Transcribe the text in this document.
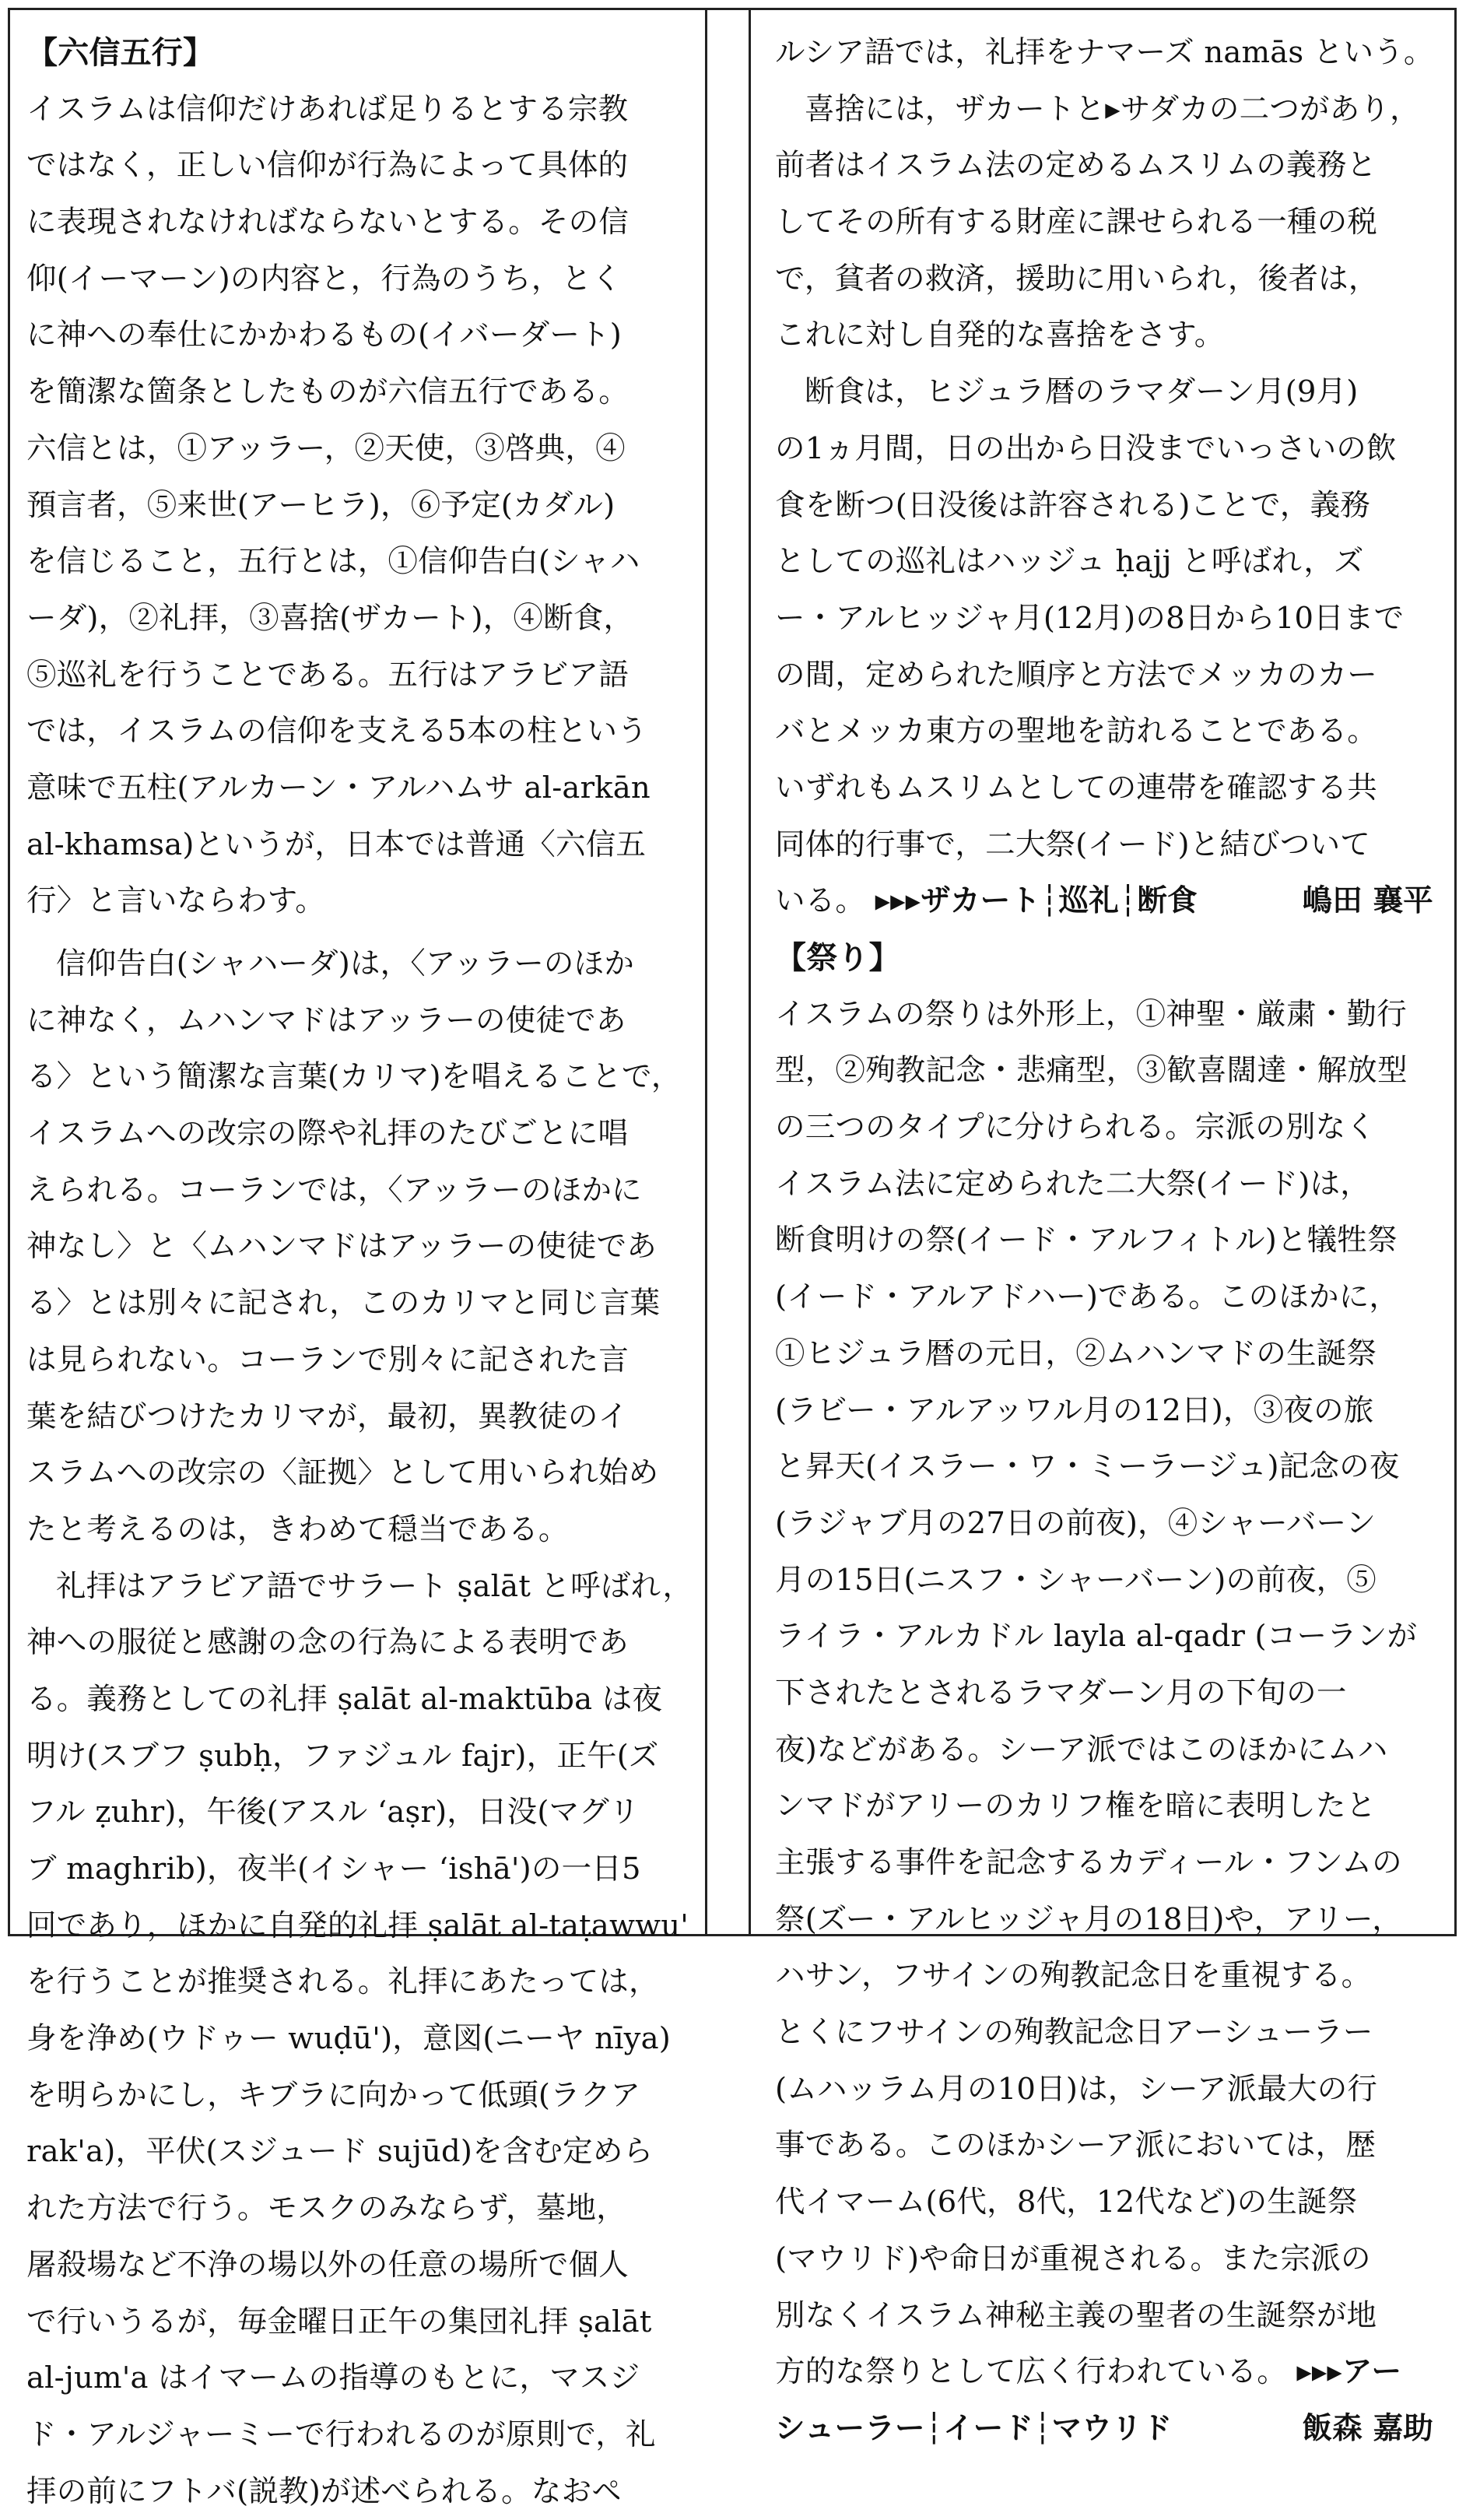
【六信五行】
イスラムは信仰だけあれば足りるとする宗教
ではなく，正しい信仰が行為によって具体的
に表現されなければならないとする。その信
仰(イーマーン)の内容と，行為のうち，とく
に神への奉仕にかかわるもの(イバーダート)
を簡潔な箇条としたものが六信五行である。
六信とは，①アッラー，②天使，③啓典，④
預言者，⑤来世(アーヒラ)，⑥予定(カダル)
を信じること，五行とは，①信仰告白(シャハ
ーダ)，②礼拝，③喜捨(ザカート)，④断食，
⑤巡礼を行うことである。五行はアラビア語
では，イスラムの信仰を支える5本の柱という
意味で五柱(アルカーン・アルハムサ al-arkān
al-khamsa)というが，日本では普通〈六信五
行〉と言いならわす。
信仰告白(シャハーダ)は，〈アッラーのほか
に神なく，ムハンマドはアッラーの使徒であ
る〉という簡潔な言葉(カリマ)を唱えることで，
イスラムへの改宗の際や礼拝のたびごとに唱
えられる。コーランでは，〈アッラーのほかに
神なし〉と〈ムハンマドはアッラーの使徒であ
る〉とは別々に記され，このカリマと同じ言葉
は見られない。コーランで別々に記された言
葉を結びつけたカリマが，最初，異教徒のイ
スラムへの改宗の〈証拠〉として用いられ始め
たと考えるのは，きわめて穏当である。
礼拝はアラビア語でサラート ṣalāt と呼ばれ，
神への服従と感謝の念の行為による表明であ
る。義務としての礼拝 ṣalāt al-maktūba は夜
明け(スブフ ṣubḥ，ファジュル fajr)，正午(ズ
フル ẓuhr)，午後(アスル ʻaṣr)，日没(マグリ
ブ maghrib)，夜半(イシャー ʻishā')の一日5
回であり，ほかに自発的礼拝 ṣalāt al-taṭawwu'
を行うことが推奨される。礼拝にあたっては，
身を浄め(ウドゥー wuḍū')，意図(ニーヤ nīya)
を明らかにし，キブラに向かって低頭(ラクア
rak'a)，平伏(スジュード sujūd)を含む定めら
れた方法で行う。モスクのみならず，墓地，
屠殺場など不浄の場以外の任意の場所で個人
で行いうるが，毎金曜日正午の集団礼拝 ṣalāt
al-jum'a はイマームの指導のもとに，マスジ
ド・アルジャーミーで行われるのが原則で，礼
拝の前にフトバ(説教)が述べられる。なおペ
ルシア語では，礼拝をナマーズ namās という。
喜捨には，ザカートと▸サダカの二つがあり，
前者はイスラム法の定めるムスリムの義務と
してその所有する財産に課せられる一種の税
で，貧者の救済，援助に用いられ，後者は，
これに対し自発的な喜捨をさす。
断食は，ヒジュラ暦のラマダーン月(9月)
の1ヵ月間，日の出から日没までいっさいの飲
食を断つ(日没後は許容される)ことで，義務
としての巡礼はハッジュ ḥajj と呼ばれ，ズ
ー・アルヒッジャ月(12月)の8日から10日まで
の間，定められた順序と方法でメッカのカー
バとメッカ東方の聖地を訪れることである。
いずれもムスリムとしての連帯を確認する共
同体的行事で，二大祭(イード)と結びついて
いる。 ▸▸▸ザカート┆巡礼┆断食	嶋田 襄平
【祭り】
イスラムの祭りは外形上，①神聖・厳粛・勤行
型，②殉教記念・悲痛型，③歓喜闊達・解放型
の三つのタイプに分けられる。宗派の別なく
イスラム法に定められた二大祭(イード)は，
断食明けの祭(イード・アルフィトル)と犠牲祭
(イード・アルアドハー)である。このほかに，
①ヒジュラ暦の元日，②ムハンマドの生誕祭
(ラビー・アルアッワル月の12日)，③夜の旅
と昇天(イスラー・ワ・ミーラージュ)記念の夜
(ラジャブ月の27日の前夜)，④シャーバーン
月の15日(ニスフ・シャーバーン)の前夜，⑤
ライラ・アルカドル layla al-qadr (コーランが
下されたとされるラマダーン月の下旬の一
夜)などがある。シーア派ではこのほかにムハ
ンマドがアリーのカリフ権を暗に表明したと
主張する事件を記念するカディール・フンムの
祭(ズー・アルヒッジャ月の18日)や，アリー，
ハサン，フサインの殉教記念日を重視する。
とくにフサインの殉教記念日アーシューラー
(ムハッラム月の10日)は，シーア派最大の行
事である。このほかシーア派においては，歴
代イマーム(6代，8代，12代など)の生誕祭
(マウリド)や命日が重視される。また宗派の
別なくイスラム神秘主義の聖者の生誕祭が地
方的な祭りとして広く行われている。 ▸▸▸アー
シューラー┆イード┆マウリド	飯森 嘉助
